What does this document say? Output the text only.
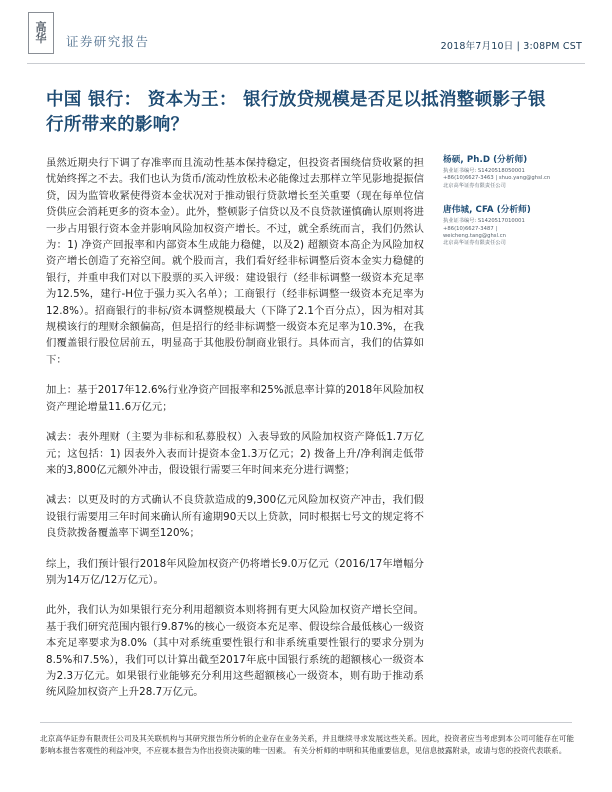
高
华 证券研究报告	2018年7月10日 | 3:08PM CST
中国 银行： 资本为王： 银行放贷规模是否足以抵消整顿影子银行所带来的影响？

虽然近期央行下调了存准率而且流动性基本保持稳定，但投资者围绕信贷收紧的担忧始终挥之不去。我们也认为货币/流动性放松未必能像过去那样立竿见影地提振信贷，因为监管收紧使得资本金状况对于推动银行贷款增长至关重要（现在每单位信贷供应会消耗更多的资本金）。此外，整顿影子信贷以及不良贷款谨慎确认原则将进一步占用银行资本金并影响风险加权资产增长。不过，就全系统而言，我们仍然认为：1) 净资产回报率和内部资本生成能力稳健，以及2) 超额资本高企为风险加权资产增长创造了充裕空间。就个股而言，我们看好经非标调整后资本金实力稳健的银行，并重申我们对以下股票的买入评级：建设银行（经非标调整一级资本充足率为12.5%，建行-H位于强力买入名单）；工商银行（经非标调整一级资本充足率为12.8%）。招商银行的非标/资本调整规模最大（下降了2.1个百分点），因为相对其规模该行的理财余额偏高，但是招行的经非标调整一级资本充足率为10.3%，在我们覆盖银行股位居前五，明显高于其他股份制商业银行。具体而言，我们的估算如下：

加上：基于2017年12.6%行业净资产回报率和25%派息率计算的2018年风险加权资产理论增量11.6万亿元；

减去：表外理财（主要为非标和私募股权）入表导致的风险加权资产降低1.7万亿元；这包括：1) 因表外入表而计提资本金1.3万亿元；2) 拨备上升/净利润走低带来的3,800亿元额外冲击，假设银行需要三年时间来充分进行调整；

减去：以更及时的方式确认不良贷款造成的9,300亿元风险加权资产冲击，我们假设银行需要用三年时间来确认所有逾期90天以上贷款，同时根据七号文的规定将不良贷款拨备覆盖率下调至120%；

综上，我们预计银行2018年风险加权资产仍将增长9.0万亿元（2016/17年增幅分别为14万亿/12万亿元）。

此外，我们认为如果银行充分利用超额资本则将拥有更大风险加权资产增长空间。基于我们研究范围内银行9.87%的核心一级资本充足率、假设综合最低核心一级资本充足率要求为8.0%（其中对系统重要性银行和非系统重要性银行的要求分别为8.5%和7.5%），我们可以计算出截至2017年底中国银行系统的超额核心一级资本为2.3万亿元。如果银行业能够充分利用这些超额核心一级资本，则有助于推动系统风险加权资产上升28.7万亿元。

杨硕, Ph.D (分析师)
执业证书编号: S1420518050001
+86(10)6627-3463 | shuo.yang@ghsl.cn
北京高华证券有限责任公司
唐伟城, CFA (分析师)
执业证书编号: S1420517010001
+86(10)6627-3487 |
weicheng.tang@ghsl.cn
北京高华证券有限责任公司
北京高华证券有限责任公司及其关联机构与其研究报告所分析的企业存在业务关系，并且继续寻求发展这些关系。因此，投资者应当考虑到本公司可能存在可能影响本报告客观性的利益冲突，不应视本报告为作出投资决策的唯一因素。 有关分析师的申明和其他重要信息，见信息披露附录，或请与您的投资代表联系。
